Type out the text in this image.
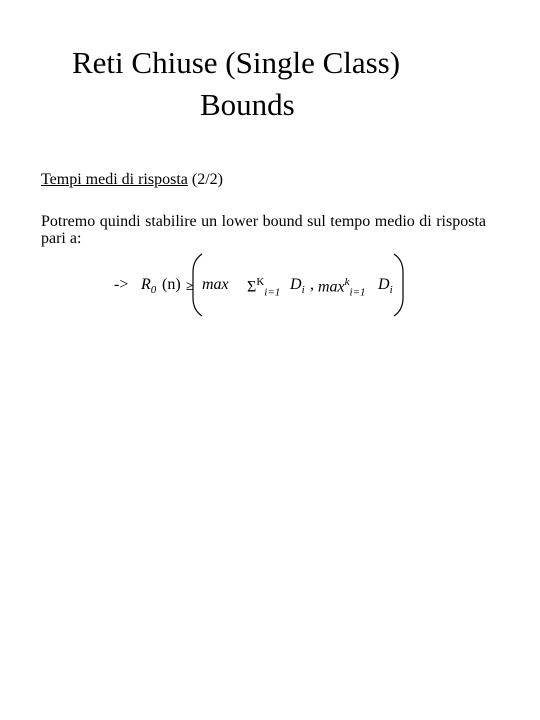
Reti Chiuse (Single Class)
Bounds
Tempi medi di risposta (2/2)
Potremo quindi stabilire un lower bound sul tempo medio di risposta pari a:
-> $R_0$ $(n) \ge \max \Sigma^K_{i=1}$ $D_i$ , $\max^k_{i=1} D_i$
